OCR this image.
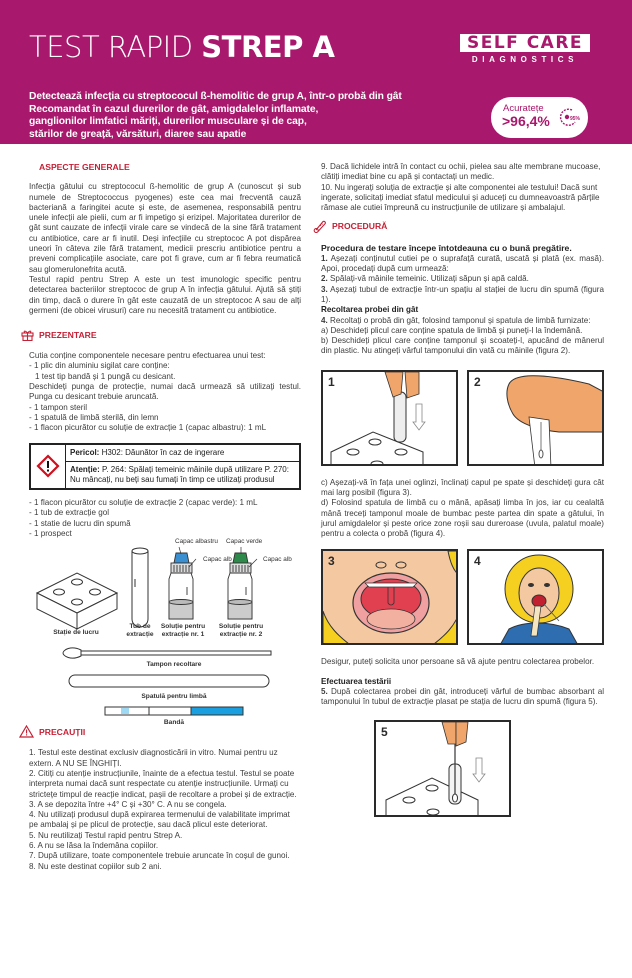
TEST RAPID STREP A	SELF CARE
DIAGNOSTICS
Detectează infecția cu streptococul ß-hemolitic de grup A, într-o probă din gât
Recomandat în cazul durerilor de gât, amigdalelor inflamate,
ganglionilor limfatici măriți, durerilor musculare și de cap,
stărilor de greață, vărsături, diaree sau apatie
Acuratețe
>96,4%	95%
ASPECTE GENERALE

Infecția gâtului cu streptococul ß-hemolitic de grup A (cunoscut și sub numele de Streptococcus pyogenes) este cea mai frecventă cauză bacteriană a faringitei acute și este, de asemenea, responsabilă pentru unele infecții ale pielii, cum ar fi impetigo și erizipel. Majoritatea durerilor de gât sunt cauzate de infecții virale care se vindecă de la sine fără tratament cu antibiotice, care ar fi inutil. Deși infecțiile cu streptococ A pot dispărea uneori în câteva zile fără tratament, medicii prescriu antibiotice pentru a preveni complicațiile asociate, care pot fi grave, cum ar fi febra reumatică sau glomerulonefrita acută.

Testul rapid pentru Strep A este un test imunologic specific pentru detectarea bacteriilor streptococ de grup A în infecția gâtului. Ajută să știți din timp, dacă o durere în gât este cauzată de un streptococ A sau de alți germeni (de obicei virusuri) care nu necesită tratament cu antibiotice.

PREZENTARE

Cutia conține componentele necesare pentru efectuarea unui test:

- 1 plic din aluminiu sigilat care conține:

1 test tip bandă și 1 pungă cu desicant.

Deschideți punga de protecție, numai dacă urmează să utilizați testul. Punga cu desicant trebuie aruncată.

- 1 tampon steril

- 1 spatulă de limbă sterilă, din lemn

- 1 flacon picurător cu soluție de extracție 1 (capac albastru): 1 mL

Pericol: H302: Dăunător în caz de ingerare
Atenție: P. 264: Spălați temeinic mâinile după utilizare P. 270: Nu mâncați, nu beți sau fumați în timp ce utilizați produsul

- 1 flacon picurător cu soluție de extracție 2 (capac verde): 1 mL

- 1 tub de extracție gol

- 1 statie de lucru din spumă

- 1 prospect

Capac albastru Capac verde
Capac alb	Capac alb
Stație de lucru
Tub de extracție
Soluție pentru extracție nr. 1
Soluție pentru extracție nr. 2
Tampon recoltare
Spatulă pentru limbă
Bandă
PRECAUȚII

1. Testul este destinat exclusiv diagnosticării in vitro. Numai pentru uz extern. A NU SE ÎNGHIȚI.

2. Citiți cu atenție instrucțiunile, înainte de a efectua testul. Testul se poate interpreta numai dacă sunt respectate cu atenție instrucțiunile. Urmați cu strictețe timpul de reacție indicat, pașii de recoltare a probei și de extracție.

3. A se depozita între +4° C și +30° C. A nu se congela.

4. Nu utilizați produsul după expirarea termenului de valabilitate imprimat pe ambalaj și pe plicul de protecție, sau dacă plicul este deteriorat.

5. Nu reutilizați Testul rapid pentru Strep A.

6. A nu se lăsa la îndemâna copiilor.

7. După utilizare, toate componentele trebuie aruncate în coșul de gunoi.

8. Nu este destinat copiilor sub 2 ani.

9. Dacă lichidele intră în contact cu ochii, pielea sau alte membrane mucoase, clătiți imediat bine cu apă și contactați un medic.

10. Nu ingerați soluția de extracție și alte componentei ale testului! Dacă sunt ingerate, solicitați imediat sfatul medicului și aduceți cu dumneavoastră părțile rămase ale cutiei împreună cu instrucțiunile de utilizare și ambalajul.

PROCEDURĂ

Procedura de testare începe întotdeauna cu o bună pregătire.

1. Așezați conținutul cutiei pe o suprafață curată, uscată și plată (ex. masă). Apoi, procedați după cum urmează:

2. Spălați-vă mâinile temeinic. Utilizați săpun și apă caldă.

3. Așezați tubul de extracție într-un spațiu al stației de lucru din spumă (figura 1).

Recoltarea probei din gât

4. Recoltați o probă din gât, folosind tamponul și spatula de limbă furnizate:

a) Deschideți plicul care conține spatula de limbă și puneți-l la îndemână.

b) Deschideți plicul care conține tamponul și scoateți-l, apucând de mânerul din plastic. Nu atingeți vârful tamponului din vată cu mâinile (figura 2).

1	2

c) Așezați-vă în fața unei oglinzi, înclinați capul pe spate și deschideți gura cât mai larg posibil (figura 3).

d) Folosind spatula de limbă cu o mână, apăsați limba în jos, iar cu cealaltă mână treceți tamponul moale de bumbac peste partea din spate a gâtului, în jurul amigdalelor și peste orice zone roșii sau dureroase (uvula, palatul moale) pentru a colecta o probă (figura 4).

3	4

Desigur, puteți solicita unor persoane să vă ajute pentru colectarea probelor.

Efectuarea testării

5. După colectarea probei din gât, introduceți vârful de bumbac absorbant al tamponului în tubul de extracție plasat pe stația de lucru din spumă (figura 5).

5
